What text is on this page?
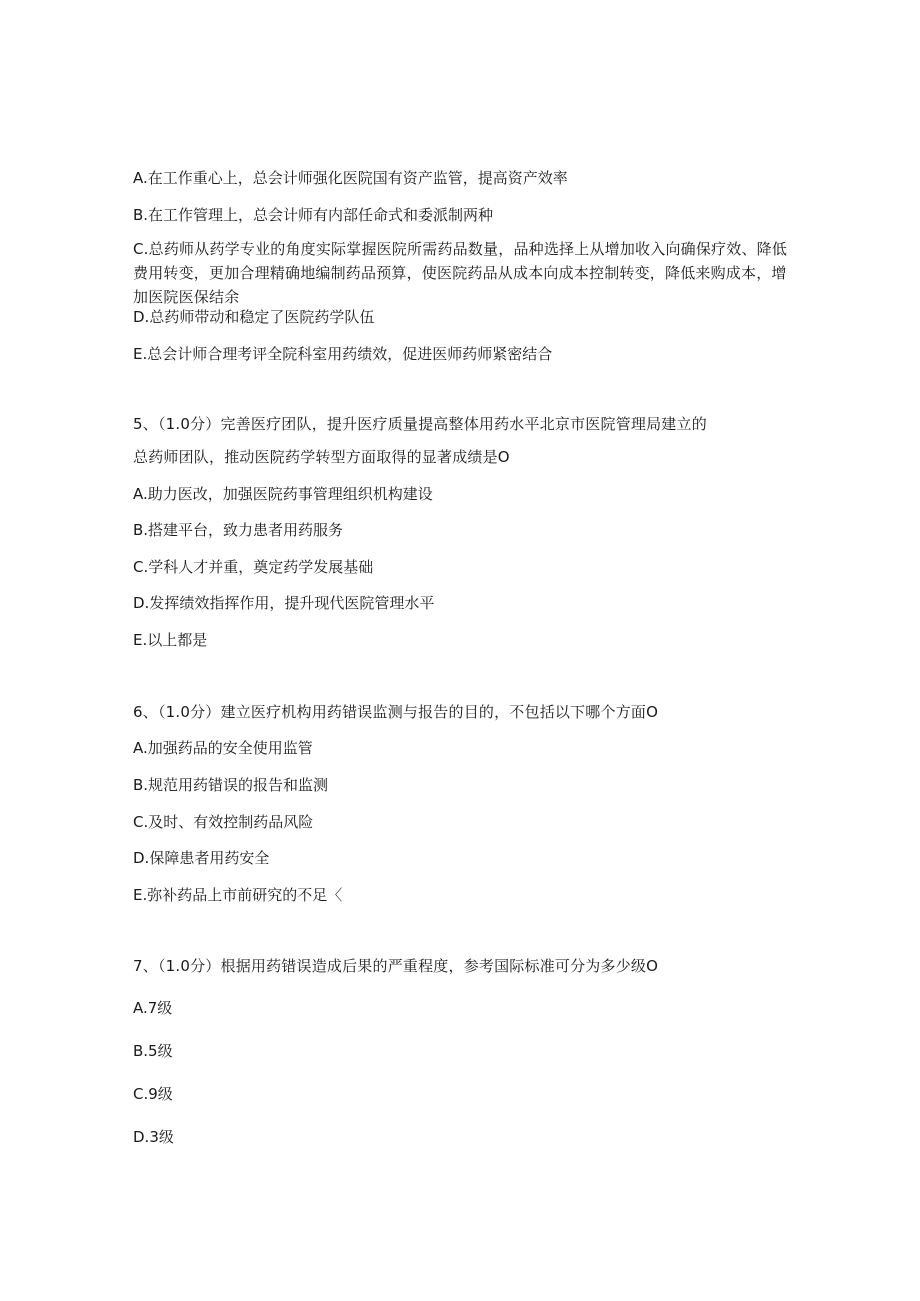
A.在工作重心上，总会计师强化医院国有资产监管，提高资产效率
B.在工作管理上，总会计师有内部任命式和委派制两种
C.总药师从药学专业的角度实际掌握医院所需药品数量，品种选择上从增加收入向确保疗效、降低费用转变，更加合理精确地编制药品预算，使医院药品从成本向成本控制转变，降低来购成本，增加医院医保结余
D.总药师带动和稳定了医院药学队伍
E.总会计师合理考评全院科室用药绩效，促进医师药师紧密结合
5、（1.0分）完善医疗团队，提升医疗质量提高整体用药水平北京市医院管理局建立的
总药师团队，推动医院药学转型方面取得的显著成绩是O
A.助力医改，加强医院药事管理组织机构建设
B.搭建平台，致力患者用药服务
C.学科人才并重，奠定药学发展基础
D.发挥绩效指挥作用，提升现代医院管理水平
E.以上都是
6、（1.0分）建立医疗机构用药错误监测与报告的目的，不包括以下哪个方面O
A.加强药品的安全使用监管
B.规范用药错误的报告和监测
C.及时、有效控制药品风险
D.保障患者用药安全
E.弥补药品上市前研究的不足〈
7、（1.0分）根据用药错误造成后果的严重程度，参考国际标准可分为多少级O
A.7级
B.5级
C.9级
D.3级
